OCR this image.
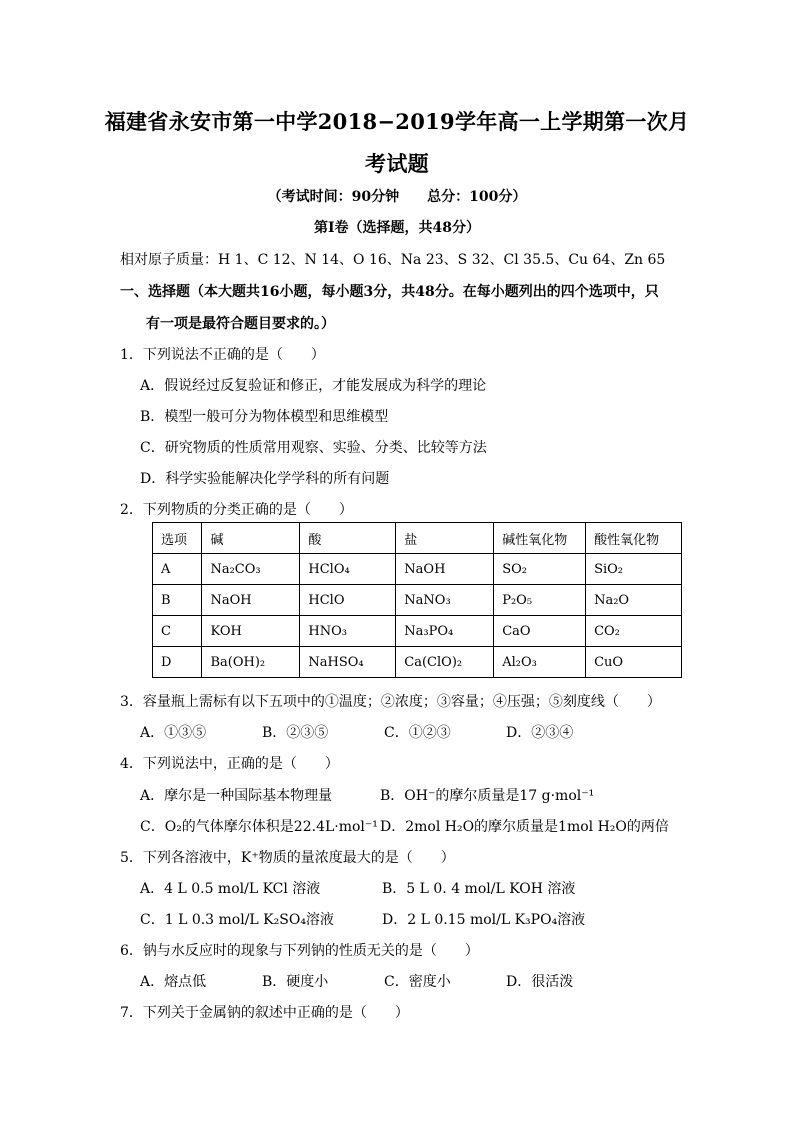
福建省永安市第一中学2018−2019学年高一上学期第一次月
考试题
（考试时间：90分钟　　总分：100分）
第Ⅰ卷（选择题，共48分）
相对原子质量：H 1、C 12、N 14、O 16、Na 23、S 32、Cl 35.5、Cu 64、Zn 65
一、选择题（本大题共16小题，每小题3分，共48分。在每小题列出的四个选项中，只
有一项是最符合题目要求的。）
1．下列说法不正确的是（　　）
A．假说经过反复验证和修正，才能发展成为科学的理论
B．模型一般可分为物体模型和思维模型
C．研究物质的性质常用观察、实验、分类、比较等方法
D．科学实验能解决化学学科的所有问题
2．下列物质的分类正确的是（　　）
选项	碱	酸	盐	碱性氧化物	酸性氧化物
A	Na₂CO₃	HClO₄	NaOH	SO₂	SiO₂
B	NaOH	HClO	NaNO₃	P₂O₅	Na₂O
C	KOH	HNO₃	Na₃PO₄	CaO	CO₂
D	Ba(OH)₂	NaHSO₄	Ca(ClO)₂	Al₂O₃	CuO
3．容量瓶上需标有以下五项中的①温度；②浓度；③容量；④压强；⑤刻度线（　　）
A．①③⑤	B．②③⑤	C．①②③	D．②③④
4．下列说法中，正确的是（　　）
A．摩尔是一种国际基本物理量	B．OH⁻的摩尔质量是17 g·mol⁻¹
C．O₂的气体摩尔体积是22.4L·mol⁻¹ D．2mol H₂O的摩尔质量是1mol H₂O的两倍
5．下列各溶液中，K⁺物质的量浓度最大的是（　　）
A．4 L 0.5 mol/L KCl 溶液	B．5 L 0. 4 mol/L KOH 溶液
C．1 L 0.3 mol/L K₂SO₄溶液	D．2 L 0.15 mol/L K₃PO₄溶液
6．钠与水反应时的现象与下列钠的性质无关的是（　　）
A．熔点低	B．硬度小	C．密度小	D．很活泼
7．下列关于金属钠的叙述中正确的是（　　）
